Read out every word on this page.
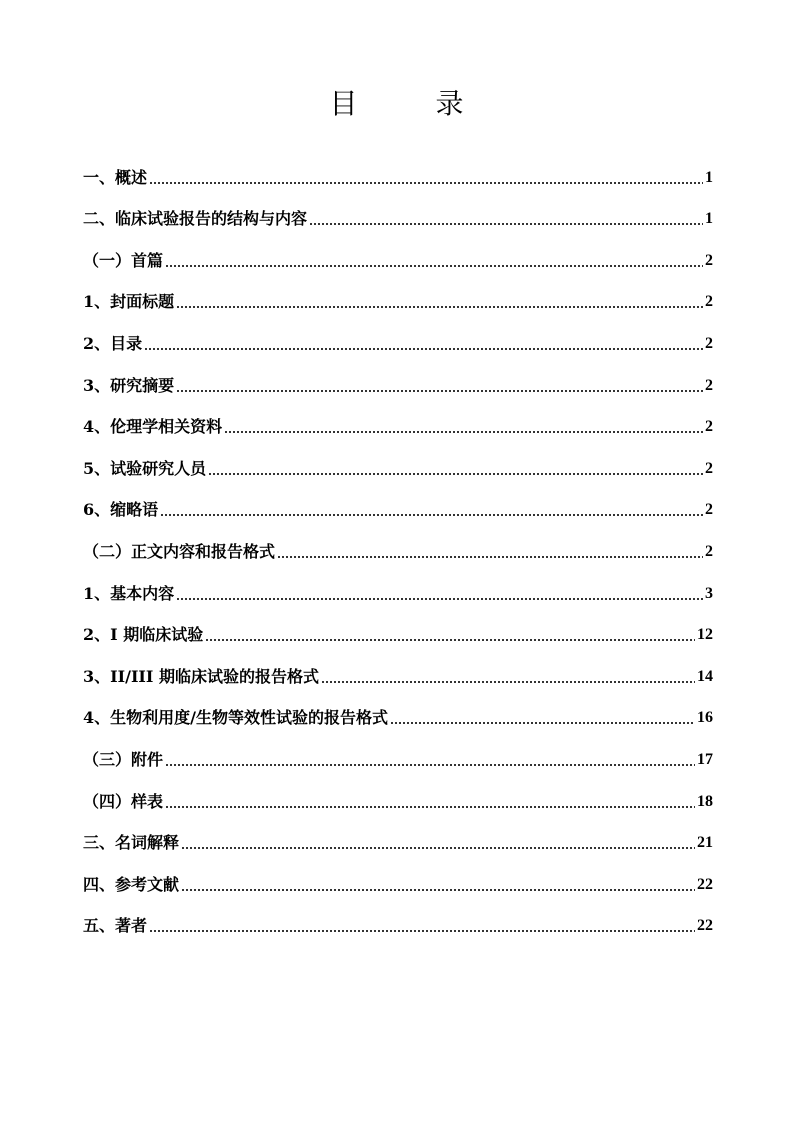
目录
一、概述	1
二、临床试验报告的结构与内容	1
（一）首篇	2
1、封面标题	2
2、目录	2
3、研究摘要	2
4、伦理学相关资料	2
5、试验研究人员	2
6、缩略语	2
（二）正文内容和报告格式	2
1、基本内容	3
2、I 期临床试验	12
3、II/III 期临床试验的报告格式	14
4、生物利用度/生物等效性试验的报告格式	16
（三）附件	17
（四）样表	18
三、名词解释	21
四、参考文献	22
五、著者	22
